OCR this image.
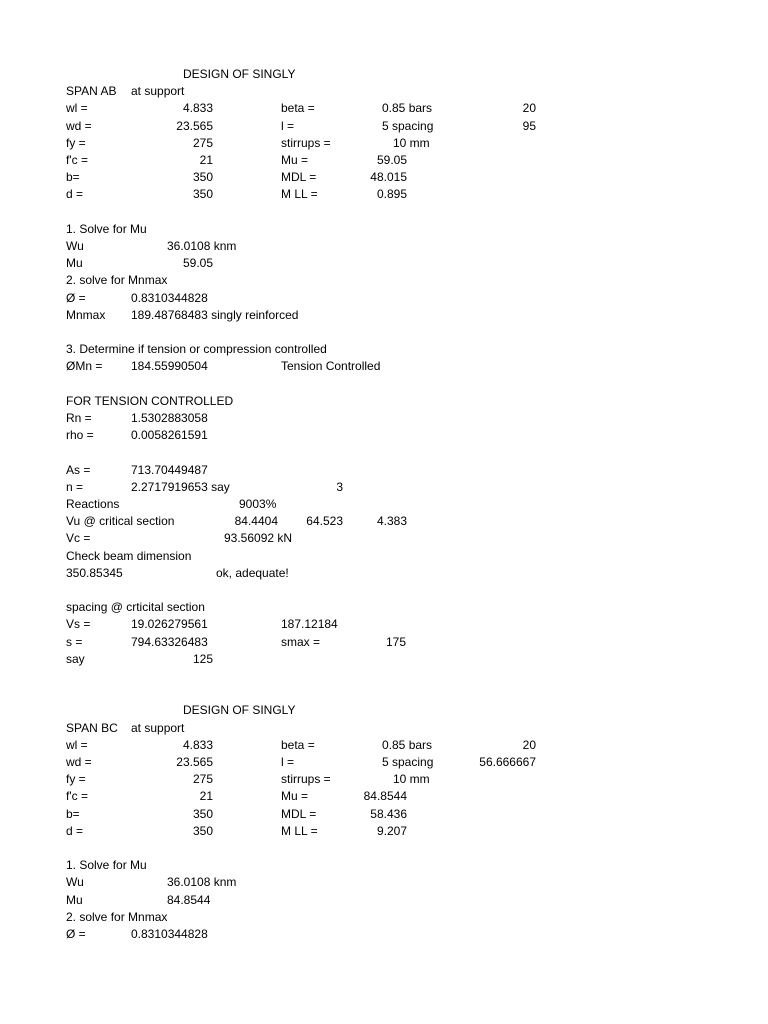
DESIGN OF SINGLY
SPAN AB at support
wl =	4.833	beta =	0.85 bars	20
wd =	23.565	l =	5 spacing	95
fy =	275	stirrups =	10 mm
f'c =	21	Mu =	59.05
b=	350	MDL =	48.015
d =	350	M LL =	0.895
1. Solve for Mu
Wu	36.0108 knm
Mu	59.05
2. solve for Mnmax
Ø =	0.8310344828
Mnmax 189.48768483 singly reinforced
3. Determine if tension or compression controlled
ØMn = 184.55990504	Tension Controlled
FOR TENSION CONTROLLED
Rn =	1.5302883058
rho =	0.0058261591
As =	713.70449487
n =	2.2717919653 say	3
Reactions	9003%
Vu @ critical section	84.4404 64.523	4.383
Vc =	93.56092 kN
Check beam dimension
350.85345	ok, adequate!
spacing @ crticital section
Vs =	19.026279561	187.12184
s =	794.63326483	smax =	175
say	125
DESIGN OF SINGLY
SPAN BC at support
wl =	4.833	beta =	0.85 bars	20
wd =	23.565	l =	5 spacing	56.666667
fy =	275	stirrups =	10 mm
f'c =	21	Mu =	84.8544
b=	350	MDL =	58.436
d =	350	M LL =	9.207
1. Solve for Mu
Wu	36.0108 knm
Mu	84.8544
2. solve for Mnmax
Ø =	0.8310344828
